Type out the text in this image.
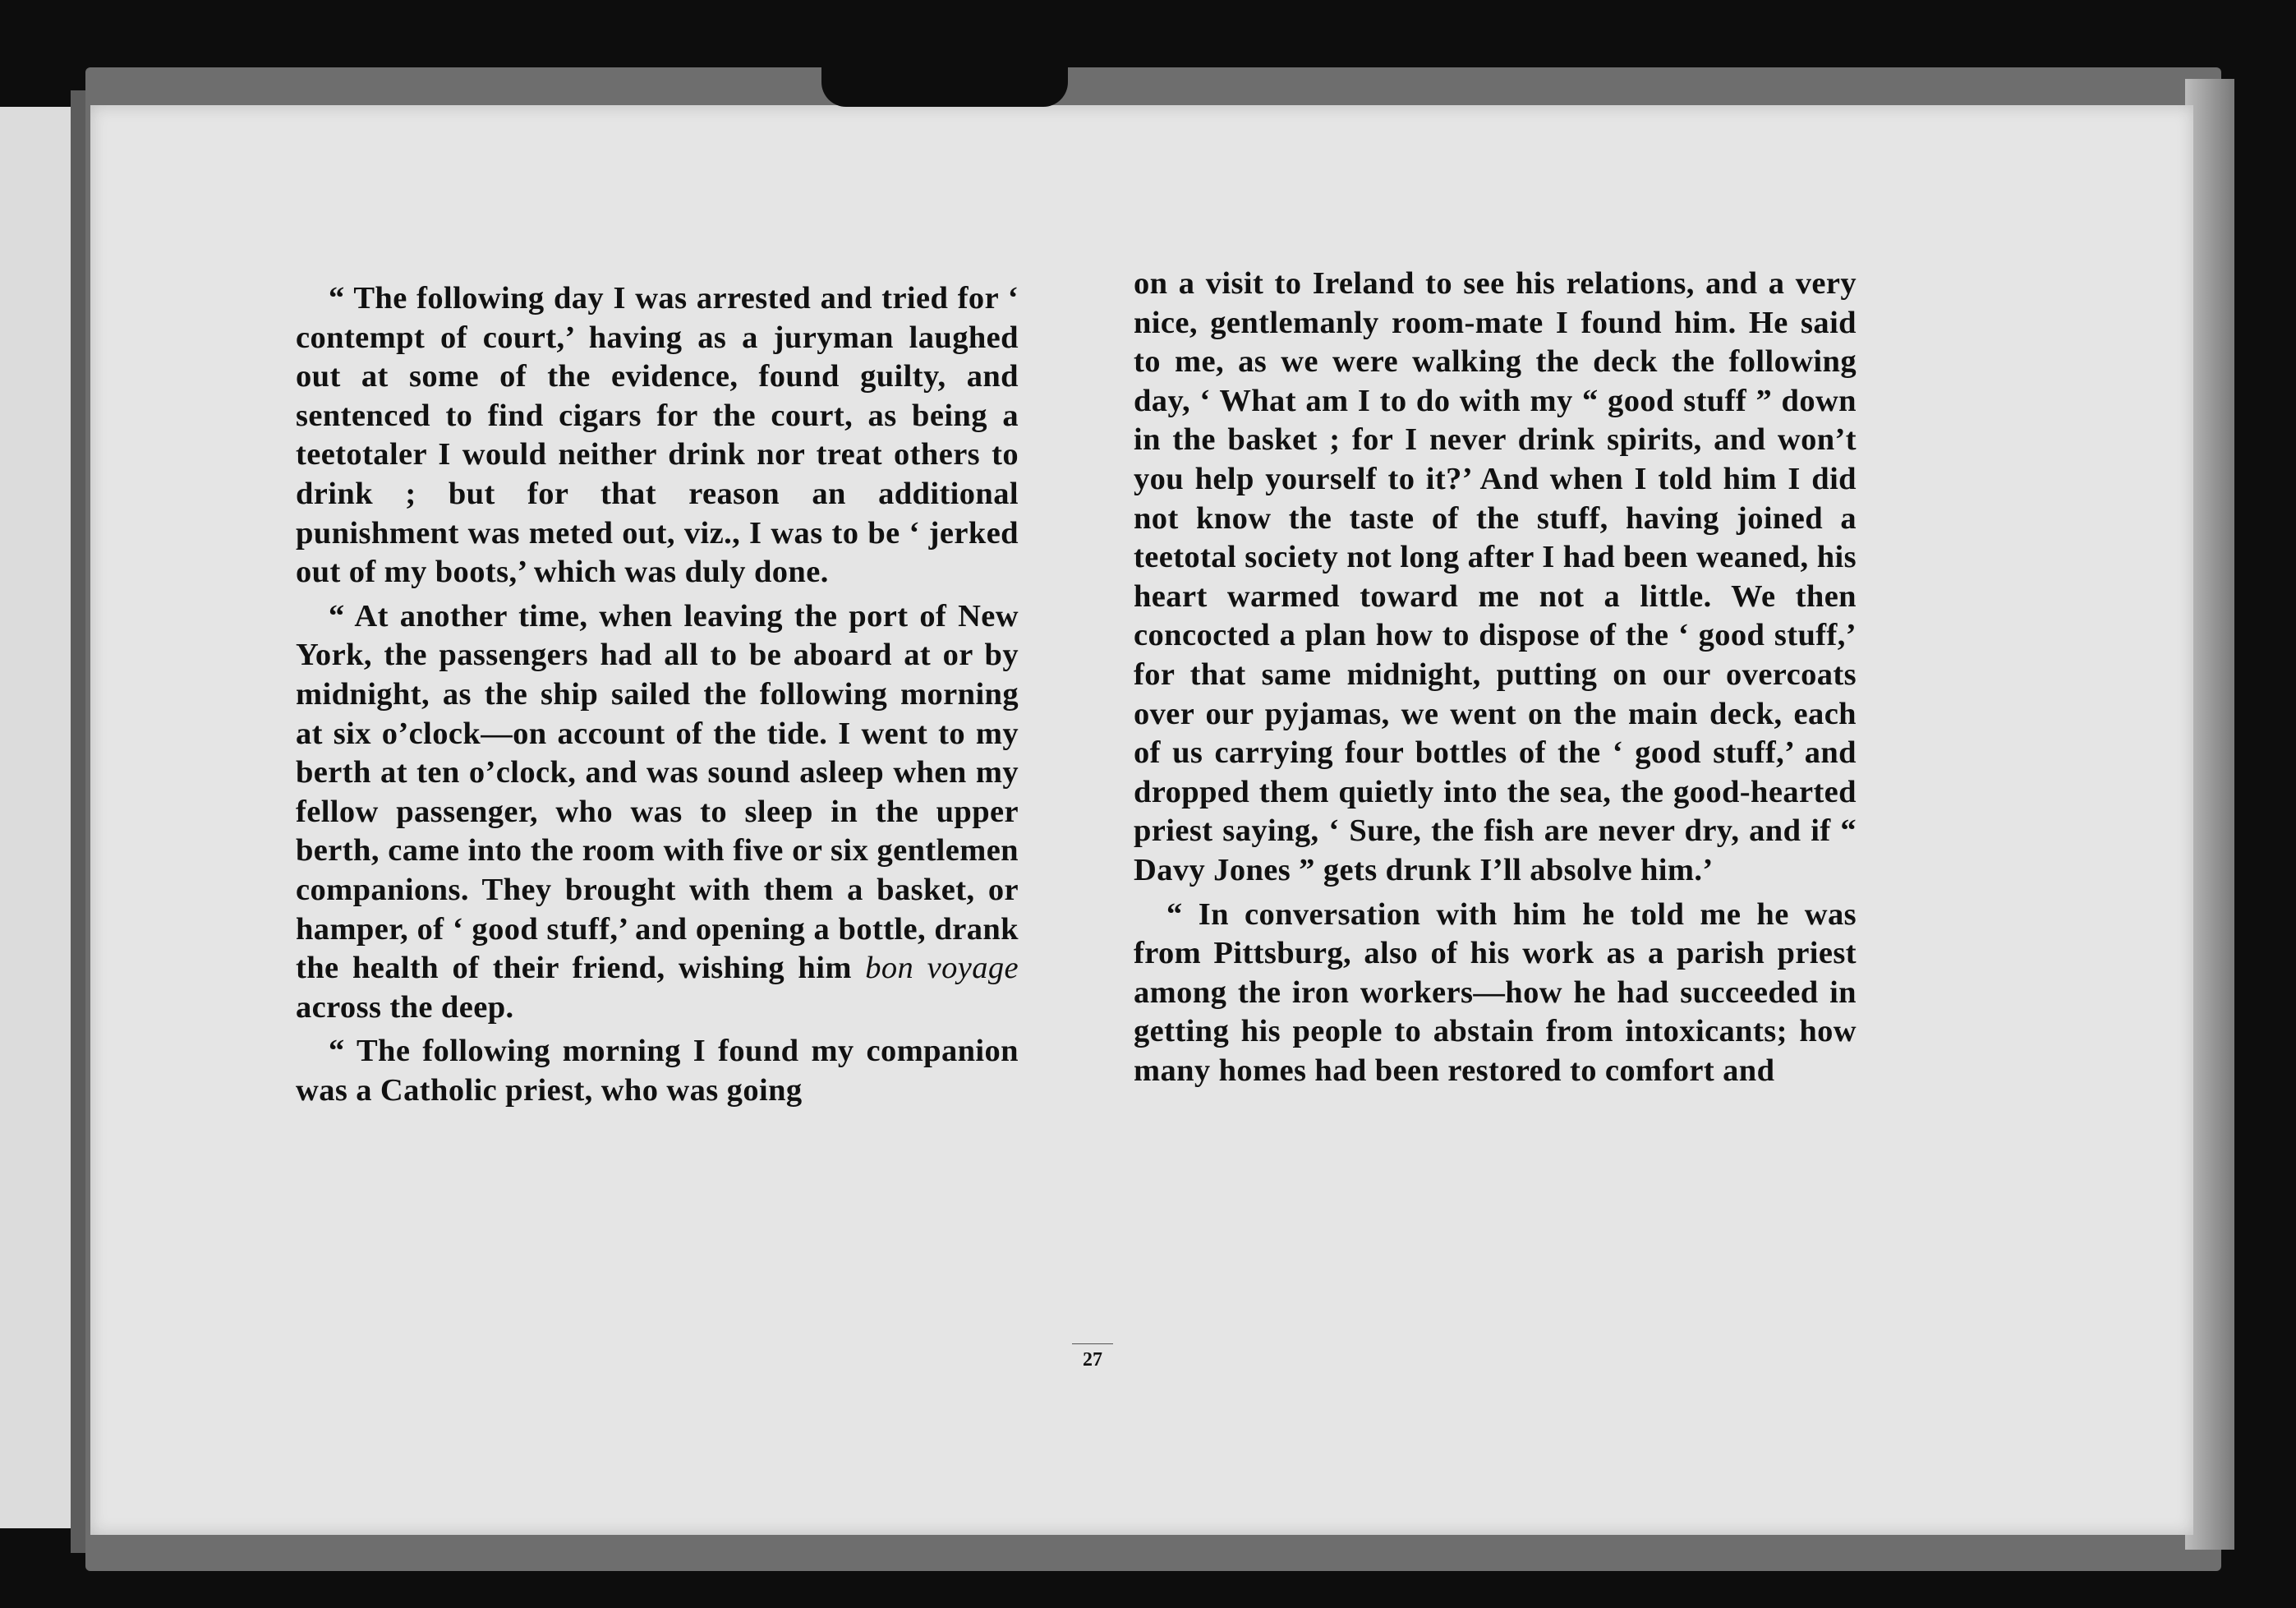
“ The following day I was arrested and tried for ‘ contempt of court,’ having as a juryman laughed out at some of the evidence, found guilty, and sentenced to find cigars for the court, as being a teetotaler I would neither drink nor treat others to drink ; but for that reason an additional punishment was meted out, viz., I was to be ‘ jerked out of my boots,’ which was duly done.

“ At another time, when leaving the port of New York, the passengers had all to be aboard at or by midnight, as the ship sailed the following morning at six o’clock—on account of the tide. I went to my berth at ten o’clock, and was sound asleep when my fellow passenger, who was to sleep in the upper berth, came into the room with five or six gentlemen companions. They brought with them a basket, or hamper, of ‘ good stuff,’ and opening a bottle, drank the health of their friend, wishing him bon voyage across the deep.

“ The following morning I found my companion was a Catholic priest, who was going

on a visit to Ireland to see his relations, and a very nice, gentlemanly room-mate I found him. He said to me, as we were walking the deck the following day, ‘ What am I to do with my “ good stuff ” down in the basket ; for I never drink spirits, and won’t you help yourself to it?’ And when I told him I did not know the taste of the stuff, having joined a teetotal society not long after I had been weaned, his heart warmed toward me not a little. We then concocted a plan how to dispose of the ‘ good stuff,’ for that same midnight, putting on our overcoats over our pyjamas, we went on the main deck, each of us carrying four bottles of the ‘ good stuff,’ and dropped them quietly into the sea, the good-hearted priest saying, ‘ Sure, the fish are never dry, and if “ Davy Jones ” gets drunk I’ll absolve him.’

“ In conversation with him he told me he was from Pittsburg, also of his work as a parish priest among the iron workers—how he had succeeded in getting his people to abstain from intoxicants; how many homes had been restored to comfort and

27
